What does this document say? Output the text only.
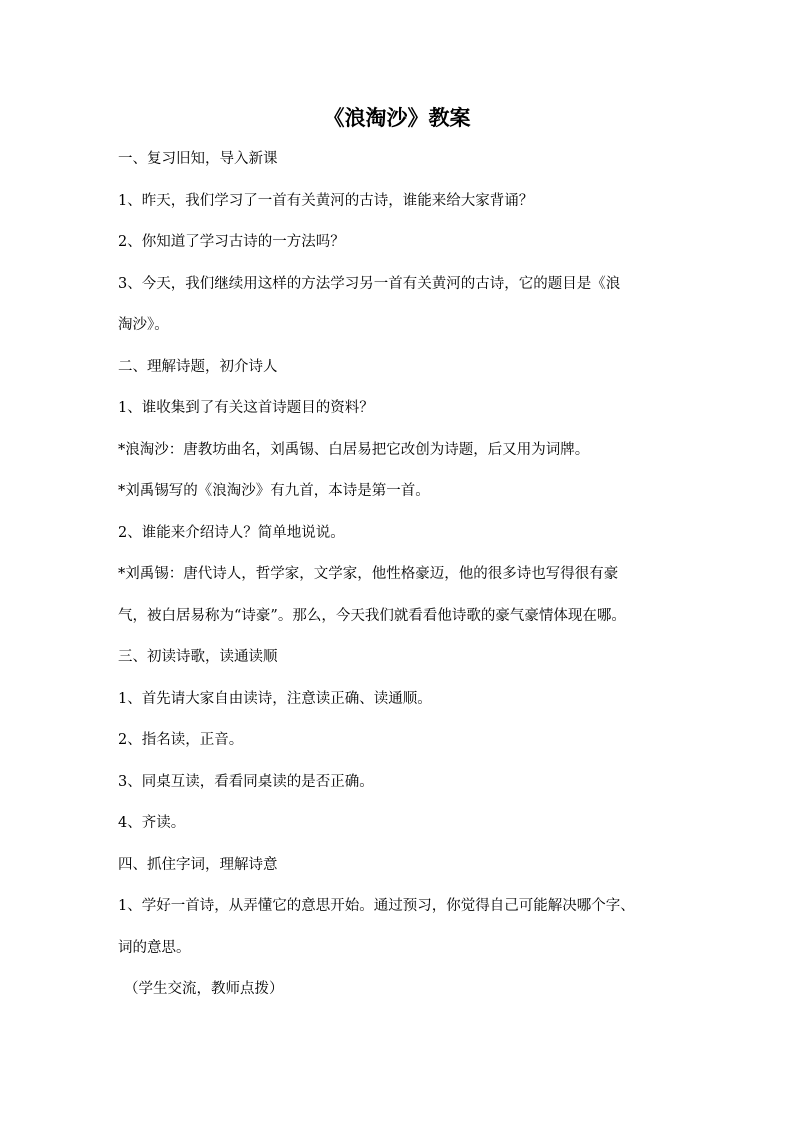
《浪淘沙》教案
一、复习旧知，导入新课
1、昨天，我们学习了一首有关黄河的古诗，谁能来给大家背诵？
2、你知道了学习古诗的一方法吗？
3、今天，我们继续用这样的方法学习另一首有关黄河的古诗，它的题目是《浪
淘沙》。
二、理解诗题，初介诗人
1、谁收集到了有关这首诗题目的资料？
*浪淘沙：唐教坊曲名，刘禹锡、白居易把它改创为诗题，后又用为词牌。
*刘禹锡写的《浪淘沙》有九首，本诗是第一首。
2、谁能来介绍诗人？简单地说说。
*刘禹锡：唐代诗人，哲学家，文学家，他性格豪迈，他的很多诗也写得很有豪
气，被白居易称为“诗豪”。那么，今天我们就看看他诗歌的豪气豪情体现在哪。
三、初读诗歌，读通读顺
1、首先请大家自由读诗，注意读正确、读通顺。
2、指名读，正音。
3、同桌互读，看看同桌读的是否正确。
4、齐读。
四、抓住字词，理解诗意
1、学好一首诗，从弄懂它的意思开始。通过预习，你觉得自己可能解决哪个字、
词的意思。
（学生交流，教师点拨）
